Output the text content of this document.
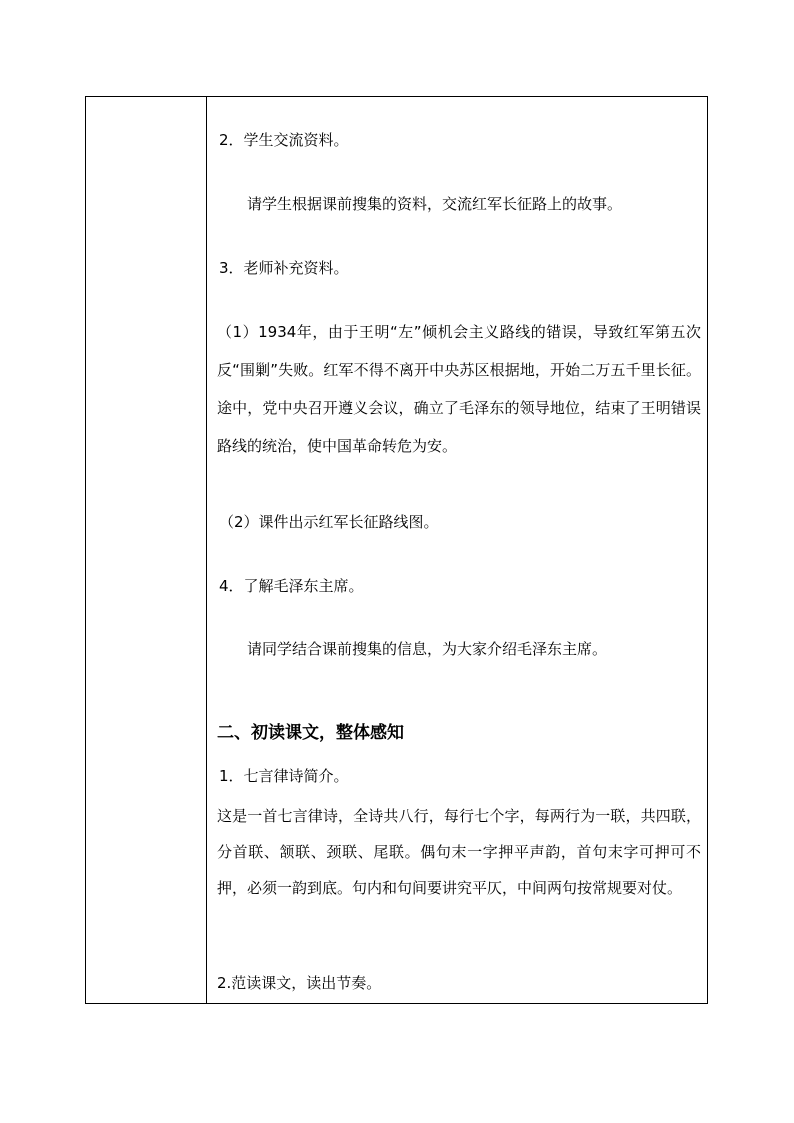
2．学生交流资料。
请学生根据课前搜集的资料，交流红军长征路上的故事。
3．老师补充资料。
（1）1934年，由于王明“左”倾机会主义路线的错误，导致红军第五次反“围剿”失败。红军不得不离开中央苏区根据地，开始二万五千里长征。途中，党中央召开遵义会议，确立了毛泽东的领导地位，结束了王明错误路线的统治，使中国革命转危为安。
（2）课件出示红军长征路线图。
4．了解毛泽东主席。
请同学结合课前搜集的信息，为大家介绍毛泽东主席。
二、初读课文，整体感知
1．七言律诗简介。
这是一首七言律诗，全诗共八行，每行七个字，每两行为一联，共四联，分首联、颔联、颈联、尾联。偶句末一字押平声韵，首句末字可押可不押，必须一韵到底。句内和句间要讲究平仄，中间两句按常规要对仗。
2.范读课文，读出节奏。
